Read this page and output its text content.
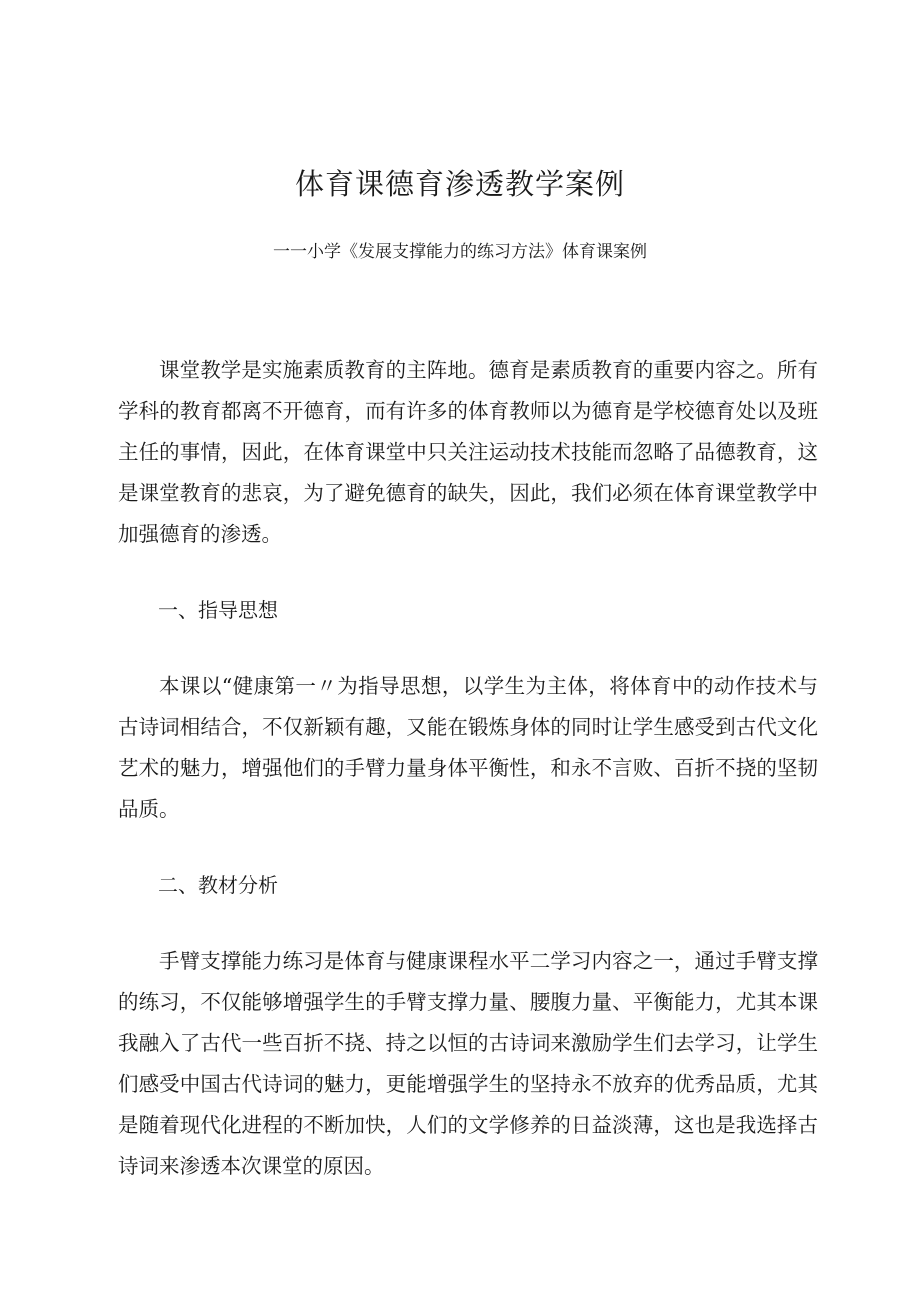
体育课德育渗透教学案例
一一小学《发展支撑能力的练习方法》体育课案例

课堂教学是实施素质教育的主阵地。德育是素质教育的重要内容之。所有学科的教育都离不开德育，而有许多的体育教师以为德育是学校德育处以及班主任的事情，因此，在体育课堂中只关注运动技术技能而忽略了品德教育，这是课堂教育的悲哀，为了避免德育的缺失，因此，我们必须在体育课堂教学中加强德育的渗透。

一、指导思想

本课以“健康第一〃为指导思想，以学生为主体，将体育中的动作技术与古诗词相结合，不仅新颖有趣，又能在锻炼身体的同时让学生感受到古代文化艺术的魅力，增强他们的手臂力量身体平衡性，和永不言败、百折不挠的坚韧品质。

二、教材分析

手臂支撑能力练习是体育与健康课程水平二学习内容之一，通过手臂支撑的练习，不仅能够增强学生的手臂支撑力量、腰腹力量、平衡能力，尤其本课我融入了古代一些百折不挠、持之以恒的古诗词来激励学生们去学习，让学生们感受中国古代诗词的魅力，更能增强学生的坚持永不放弃的优秀品质，尤其是随着现代化进程的不断加快，人们的文学修养的日益淡薄，这也是我选择古诗词来渗透本次课堂的原因。
